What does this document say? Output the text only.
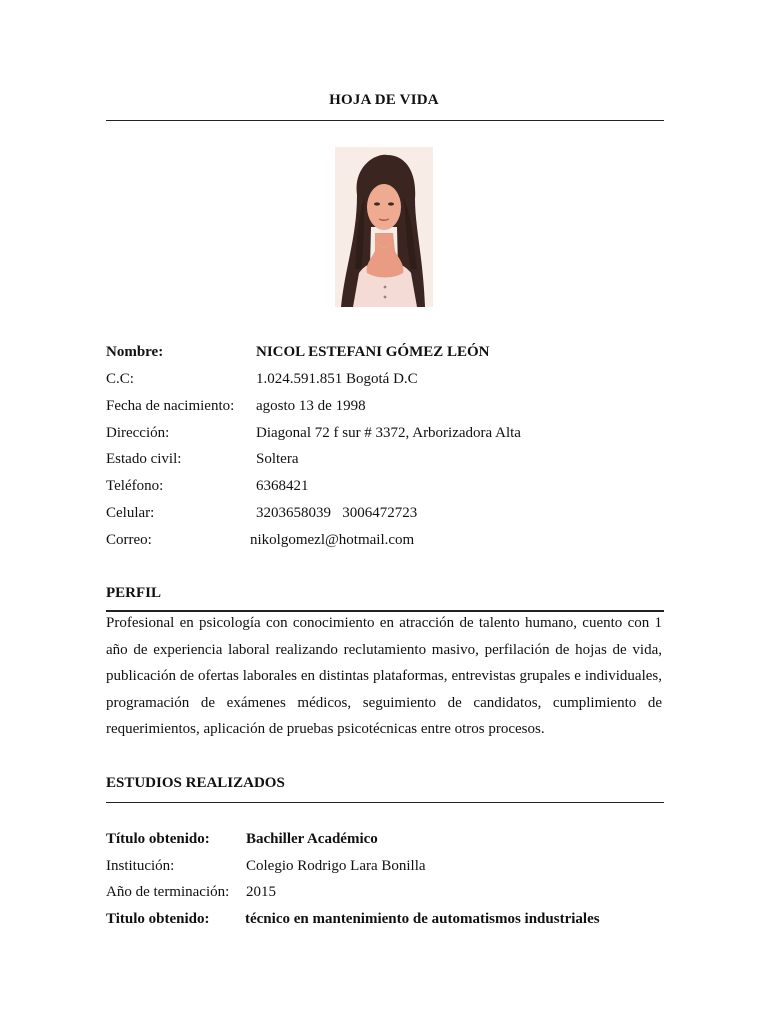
HOJA DE VIDA
Nombre:	NICOL ESTEFANI GÓMEZ LEÓN
C.C:	1.024.591.851 Bogotá D.C
Fecha de nacimiento: agosto 13 de 1998
Dirección:	Diagonal 72 f sur # 3372, Arborizadora Alta
Estado civil:	Soltera
Teléfono:	6368421
Celular:	3203658039   3006472723
Correo:	nikolgomezl@hotmail.com
PERFIL
Profesional en psicología con conocimiento en atracción de talento humano, cuento con 1 año de experiencia laboral realizando reclutamiento masivo, perfilación de hojas de vida, publicación de ofertas laborales en distintas plataformas, entrevistas grupales e individuales, programación de exámenes médicos, seguimiento de candidatos, cumplimiento de requerimientos, aplicación de pruebas psicotécnicas entre otros procesos.
ESTUDIOS REALIZADOS
Título obtenido: Bachiller Académico
Institución:	Colegio Rodrigo Lara Bonilla
Año de terminación: 2015
Titulo obtenido: técnico en mantenimiento de automatismos industriales
